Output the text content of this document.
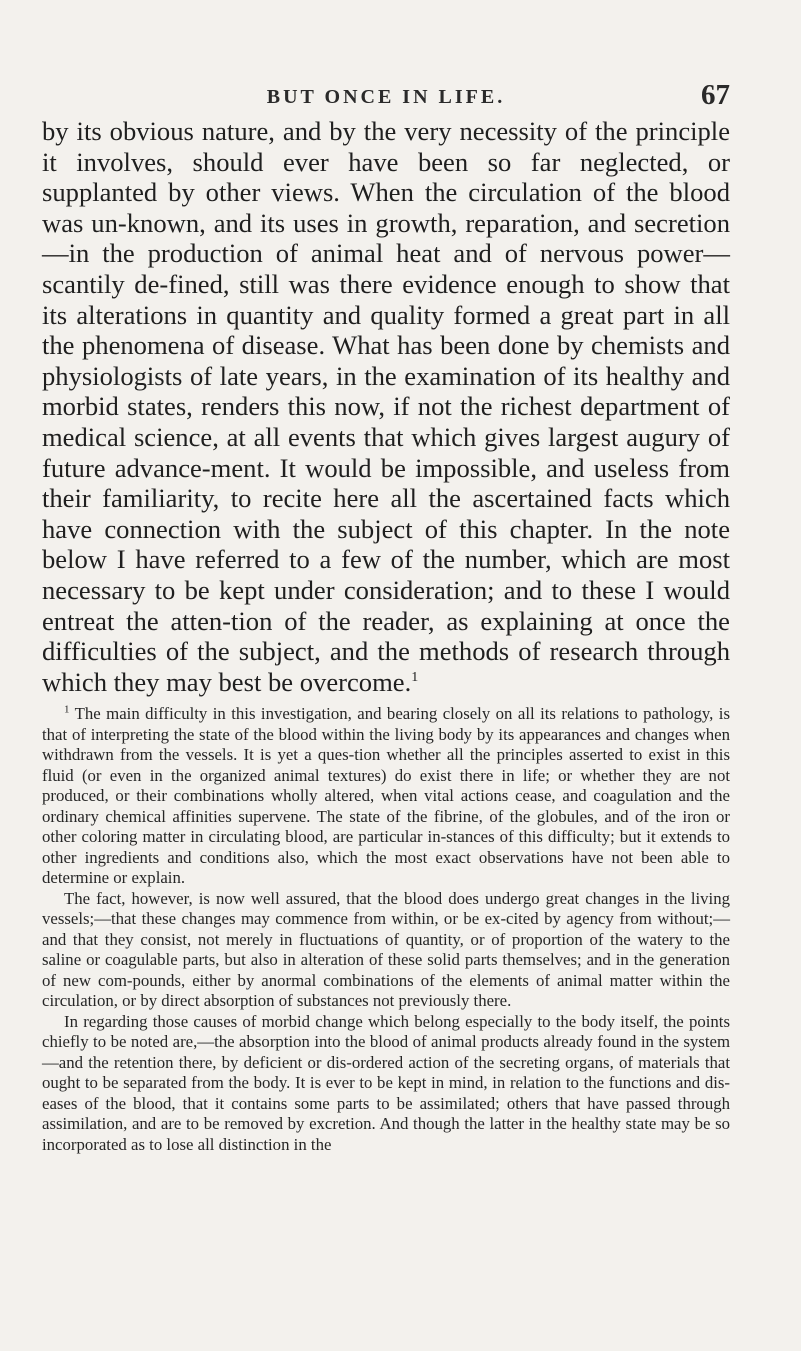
BUT ONCE IN LIFE.	67

by its obvious nature, and by the very necessity of the principle it involves, should ever have been so far neglected, or supplanted by other views. When the circulation of the blood was un-known, and its uses in growth, reparation, and secretion—in the production of animal heat and of nervous power—scantily de-fined, still was there evidence enough to show that its alterations in quantity and quality formed a great part in all the phenomena of disease. What has been done by chemists and physiologists of late years, in the examination of its healthy and morbid states, renders this now, if not the richest department of medical science, at all events that which gives largest augury of future advance-ment. It would be impossible, and useless from their familiarity, to recite here all the ascertained facts which have connection with the subject of this chapter. In the note below I have referred to a few of the number, which are most necessary to be kept under consideration; and to these I would entreat the atten-tion of the reader, as explaining at once the difficulties of the subject, and the methods of research through which they may best be overcome.$^1$

$^1$ The main difficulty in this investigation, and bearing closely on all its relations to pathology, is that of interpreting the state of the blood within the living body by its appearances and changes when withdrawn from the vessels. It is yet a ques-tion whether all the principles asserted to exist in this fluid (or even in the organized animal textures) do exist there in life; or whether they are not produced, or their combinations wholly altered, when vital actions cease, and coagulation and the ordinary chemical affinities supervene. The state of the fibrine, of the globules, and of the iron or other coloring matter in circulating blood, are particular in-stances of this difficulty; but it extends to other ingredients and conditions also, which the most exact observations have not been able to determine or explain.

The fact, however, is now well assured, that the blood does undergo great changes in the living vessels;—that these changes may commence from within, or be ex-cited by agency from without;—and that they consist, not merely in fluctuations of quantity, or of proportion of the watery to the saline or coagulable parts, but also in alteration of these solid parts themselves; and in the generation of new com-pounds, either by anormal combinations of the elements of animal matter within the circulation, or by direct absorption of substances not previously there.

In regarding those causes of morbid change which belong especially to the body itself, the points chiefly to be noted are,—the absorption into the blood of animal products already found in the system—and the retention there, by deficient or dis-ordered action of the secreting organs, of materials that ought to be separated from the body. It is ever to be kept in mind, in relation to the functions and dis-eases of the blood, that it contains some parts to be assimilated; others that have passed through assimilation, and are to be removed by excretion. And though the latter in the healthy state may be so incorporated as to lose all distinction in the
